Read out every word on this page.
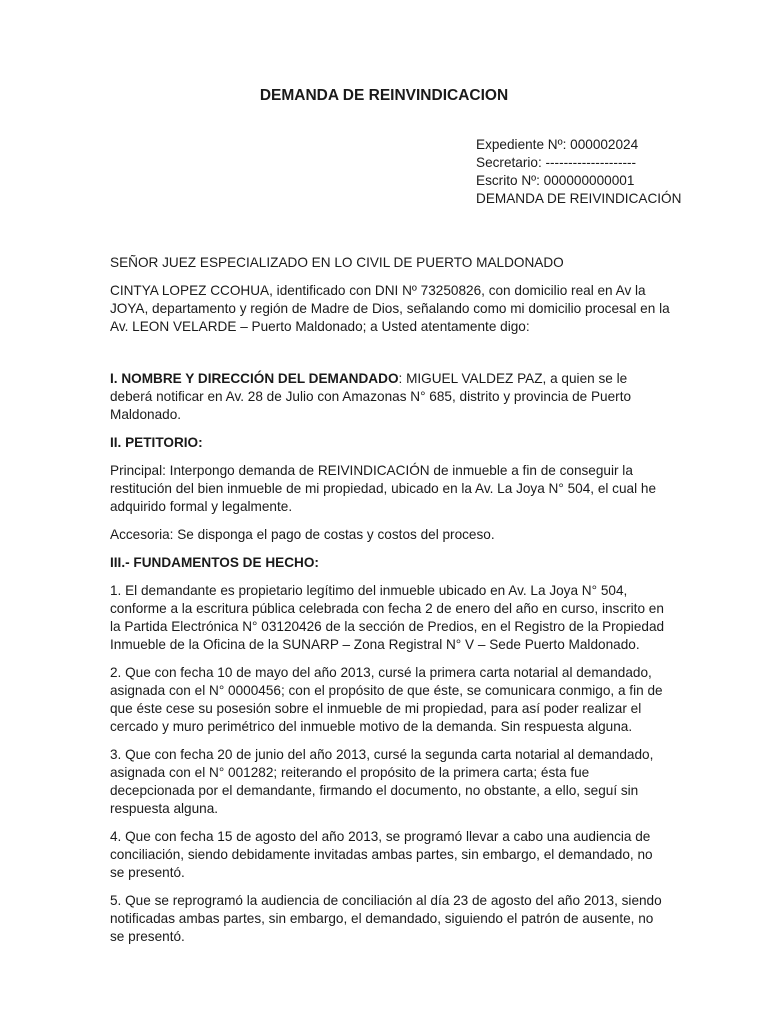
DEMANDA DE REINVINDICACION
Expediente Nº: 000002024
Secretario: --------------------
Escrito Nº: 000000000001
DEMANDA DE REIVINDICACIÓN

SEÑOR JUEZ ESPECIALIZADO EN LO CIVIL DE PUERTO MALDONADO

CINTYA LOPEZ CCOHUA, identificado con DNI Nº 73250826, con domicilio real en Av la JOYA, departamento y región de Madre de Dios, señalando como mi domicilio procesal en la Av. LEON VELARDE – Puerto Maldonado; a Usted atentamente digo:

I. NOMBRE Y DIRECCIÓN DEL DEMANDADO: MIGUEL VALDEZ PAZ, a quien se le deberá notificar en Av. 28 de Julio con Amazonas N° 685, distrito y provincia de Puerto Maldonado.

II. PETITORIO:

Principal: Interpongo demanda de REIVINDICACIÓN de inmueble a fin de conseguir la restitución del bien inmueble de mi propiedad, ubicado en la Av. La Joya N° 504, el cual he adquirido formal y legalmente.

Accesoria: Se disponga el pago de costas y costos del proceso.

III.- FUNDAMENTOS DE HECHO:

1. El demandante es propietario legítimo del inmueble ubicado en Av. La Joya N° 504, conforme a la escritura pública celebrada con fecha 2 de enero del año en curso, inscrito en la Partida Electrónica N° 03120426 de la sección de Predios, en el Registro de la Propiedad Inmueble de la Oficina de la SUNARP – Zona Registral N° V – Sede Puerto Maldonado.

2. Que con fecha 10 de mayo del año 2013, cursé la primera carta notarial al demandado, asignada con el N° 0000456; con el propósito de que éste, se comunicara conmigo, a fin de que éste cese su posesión sobre el inmueble de mi propiedad, para así poder realizar el cercado y muro perimétrico del inmueble motivo de la demanda. Sin respuesta alguna.

3. Que con fecha 20 de junio del año 2013, cursé la segunda carta notarial al demandado, asignada con el N° 001282; reiterando el propósito de la primera carta; ésta fue decepcionada por el demandante, firmando el documento, no obstante, a ello, seguí sin respuesta alguna.

4. Que con fecha 15 de agosto del año 2013, se programó llevar a cabo una audiencia de conciliación, siendo debidamente invitadas ambas partes, sin embargo, el demandado, no se presentó.

5. Que se reprogramó la audiencia de conciliación al día 23 de agosto del año 2013, siendo notificadas ambas partes, sin embargo, el demandado, siguiendo el patrón de ausente, no se presentó.
